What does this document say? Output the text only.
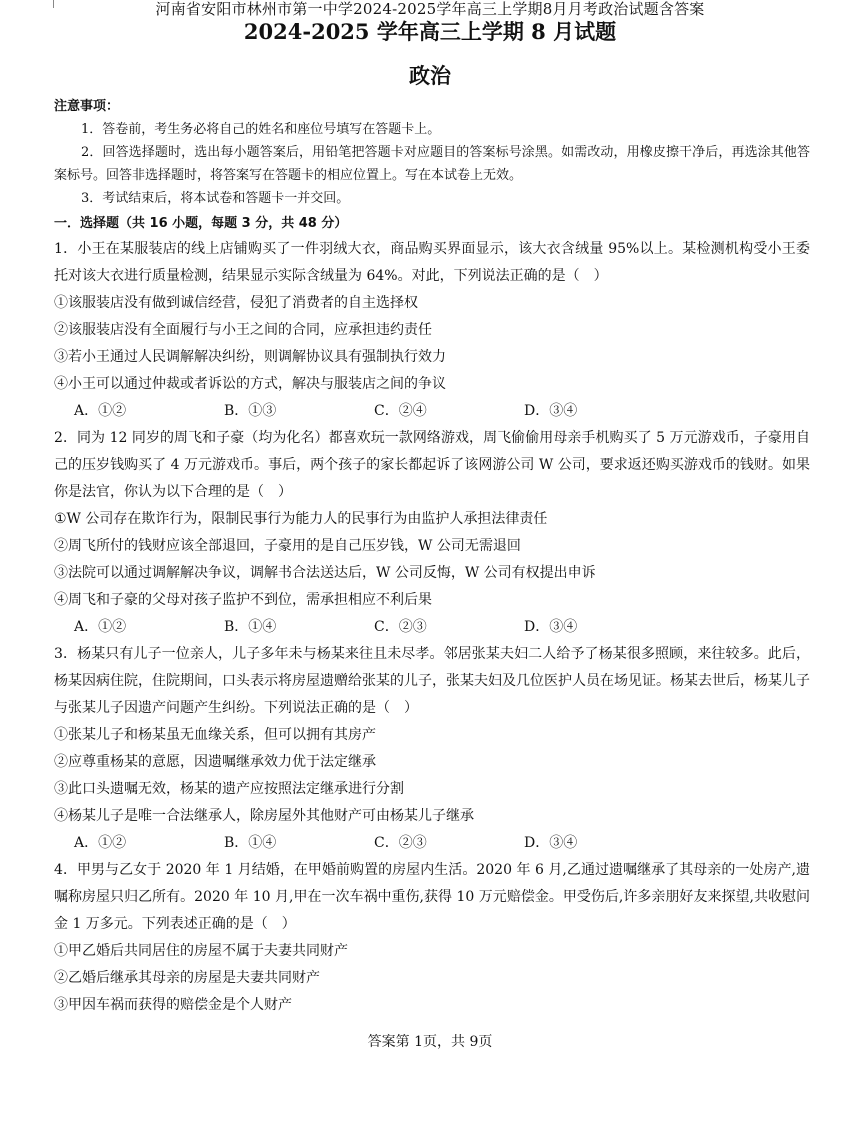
河南省安阳市林州市第一中学2024-2025学年高三上学期8月月考政治试题含答案
2024-2025 学年高三上学期 8 月试题
政治
注意事项：
1．答卷前，考生务必将自己的姓名和座位号填写在答题卡上。
2．回答选择题时，选出每小题答案后，用铅笔把答题卡对应题目的答案标号涂黑。如需改动，用橡皮擦干净后，再选涂其他答案标号。回答非选择题时，将答案写在答题卡的相应位置上。写在本试卷上无效。
3．考试结束后，将本试卷和答题卡一并交回。
一．选择题（共 16 小题，每题 3 分，共 48 分）
1．小王在某服装店的线上店铺购买了一件羽绒大衣，商品购买界面显示，该大衣含绒量 95%以上。某检测机构受小王委托对该大衣进行质量检测，结果显示实际含绒量为 64%。对此，下列说法正确的是（　）
①该服装店没有做到诚信经营，侵犯了消费者的自主选择权
②该服装店没有全面履行与小王之间的合同，应承担违约责任
③若小王通过人民调解解决纠纷，则调解协议具有强制执行效力
④小王可以通过仲裁或者诉讼的方式，解决与服装店之间的争议
A．①②	B．①③	C．②④	D．③④
2．同为 12 同岁的周飞和子豪（均为化名）都喜欢玩一款网络游戏，周飞偷偷用母亲手机购买了 5 万元游戏币，子豪用自己的压岁钱购买了 4 万元游戏币。事后，两个孩子的家长都起诉了该网游公司 W 公司，要求返还购买游戏币的钱财。如果你是法官，你认为以下合理的是（　）
①W 公司存在欺诈行为，限制民事行为能力人的民事行为由监护人承担法律责任
②周飞所付的钱财应该全部退回，子豪用的是自己压岁钱，W 公司无需退回
③法院可以通过调解解决争议，调解书合法送达后，W 公司反悔，W 公司有权提出申诉
④周飞和子豪的父母对孩子监护不到位，需承担相应不利后果
A．①②	B．①④	C．②③	D．③④
3．杨某只有儿子一位亲人，儿子多年未与杨某来往且未尽孝。邻居张某夫妇二人给予了杨某很多照顾，来往较多。此后，杨某因病住院，住院期间，口头表示将房屋遗赠给张某的儿子，张某夫妇及几位医护人员在场见证。杨某去世后，杨某儿子与张某儿子因遗产问题产生纠纷。下列说法正确的是（　）
①张某儿子和杨某虽无血缘关系，但可以拥有其房产
②应尊重杨某的意愿，因遗嘱继承效力优于法定继承
③此口头遗嘱无效，杨某的遗产应按照法定继承进行分割
④杨某儿子是唯一合法继承人，除房屋外其他财产可由杨某儿子继承
A．①②	B．①④	C．②③	D．③④
4．甲男与乙女于 2020 年 1 月结婚，在甲婚前购置的房屋内生活。2020 年 6 月,乙通过遗嘱继承了其母亲的一处房产,遗嘱称房屋只归乙所有。2020 年 10 月,甲在一次车祸中重伤,获得 10 万元赔偿金。甲受伤后,许多亲朋好友来探望,共收慰问金 1 万多元。下列表述正确的是（　）
①甲乙婚后共同居住的房屋不属于夫妻共同财产
②乙婚后继承其母亲的房屋是夫妻共同财产
③甲因车祸而获得的赔偿金是个人财产
答案第 1页，共 9页
